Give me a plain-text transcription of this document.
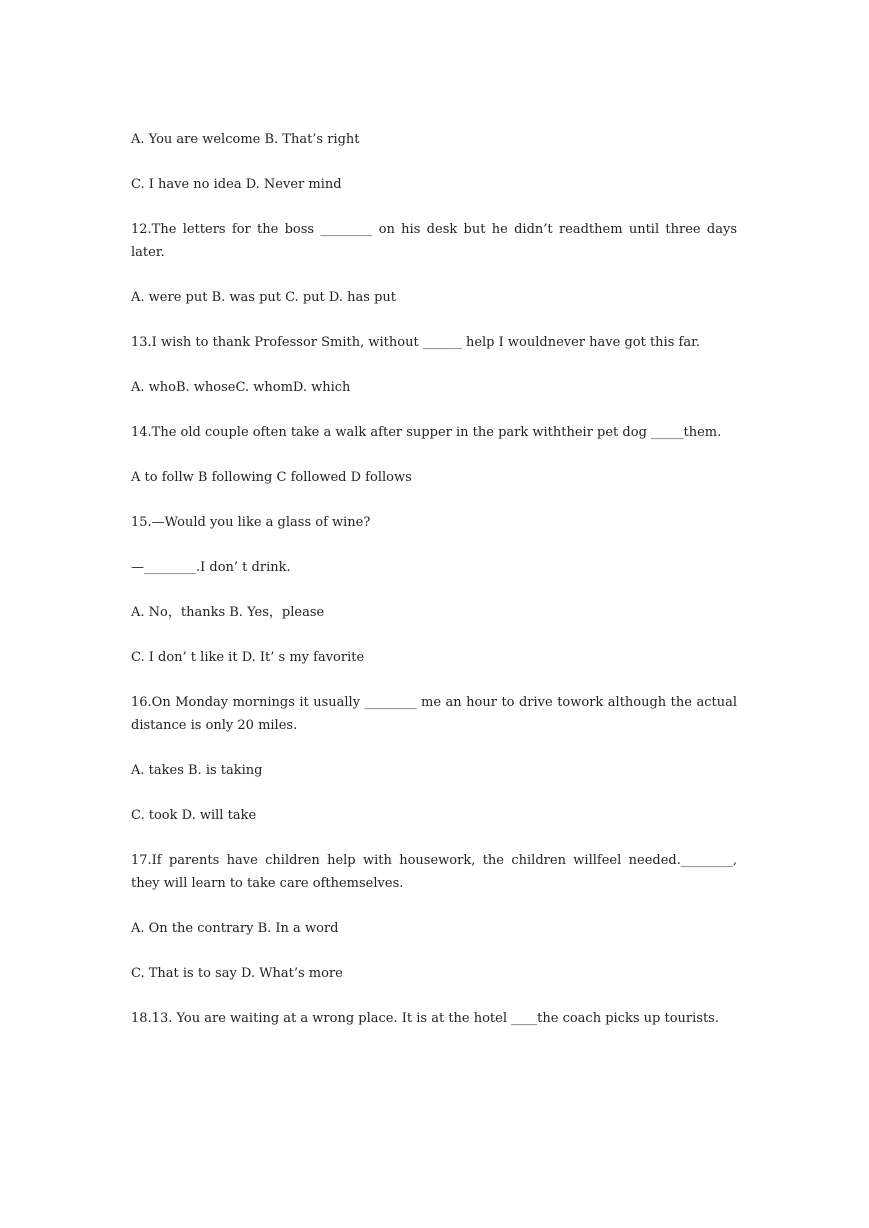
A. You are welcome B. That’s right

C. I have no idea D. Never mind

12.The letters for the boss ________ on his desk but he didn’t readthem until three days later.

A. were put B. was put C. put D. has put

13.I wish to thank Professor Smith, without ______ help I wouldnever have got this far.

A. whoB. whoseC. whomD. which

14.The old couple often take a walk after supper in the park withtheir pet dog _____them.

A to follw B following C followed D follows

15.—Would you like a glass of wine?

—________.I don’ t drink.

A. No，thanks B. Yes，please

C. I don’ t like it D. It’ s my favorite

16.On Monday mornings it usually ________ me an hour to drive towork although the actual distance is only 20 miles.

A. takes B. is taking

C. took D. will take

17.If parents have children help with housework, the children willfeel needed.________, they will learn to take care ofthemselves.

A. On the contrary B. In a word

C. That is to say D. What’s more

18.13. You are waiting at a wrong place. It is at the hotel ____the coach picks up tourists.
